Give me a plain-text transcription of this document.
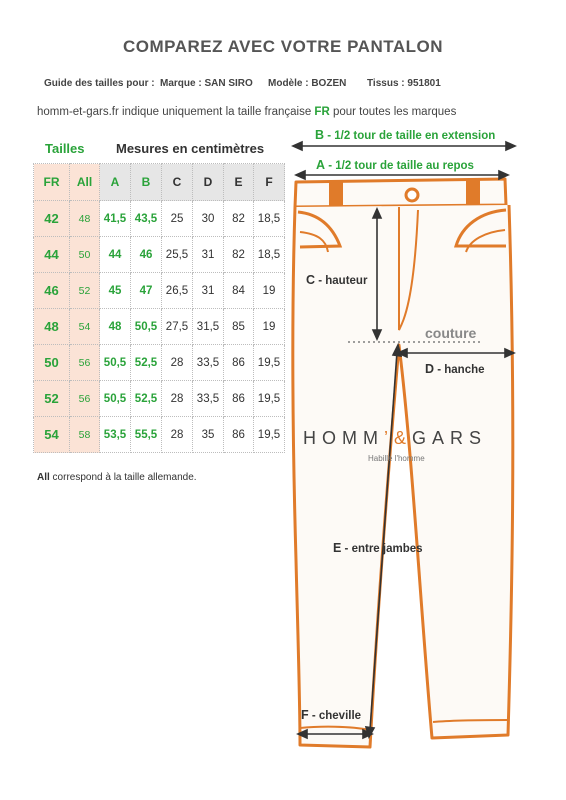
COMPAREZ AVEC VOTRE PANTALON
Guide des tailles pour : Marque : SAN SIRO Modèle : BOZEN Tissus : 951801
homm-et-gars.fr indique uniquement la taille française FR pour toutes les marques
Tailles Mesures en centimètres
FR	All	A	B	C	D	E	F
42	48	41,5	43,5	25	30	82	18,5
44	50	44	46	25,5	31	82	18,5
46	52	45	47	26,5	31	84	19
48	54	48	50,5	27,5	31,5	85	19
50	56	50,5	52,5	28	33,5	86	19,5
52	56	50,5	52,5	28	33,5	86	19,5
54	58	53,5	55,5	28	35	86	19,5
All correspond à la taille allemande.
B - 1/2 tour de taille en extension
A - 1/2 tour de taille au repos
C - hauteur
couture
D - hanche
E - entre jambes
F - cheville
HOMM’&GARS
Habille l'homme
